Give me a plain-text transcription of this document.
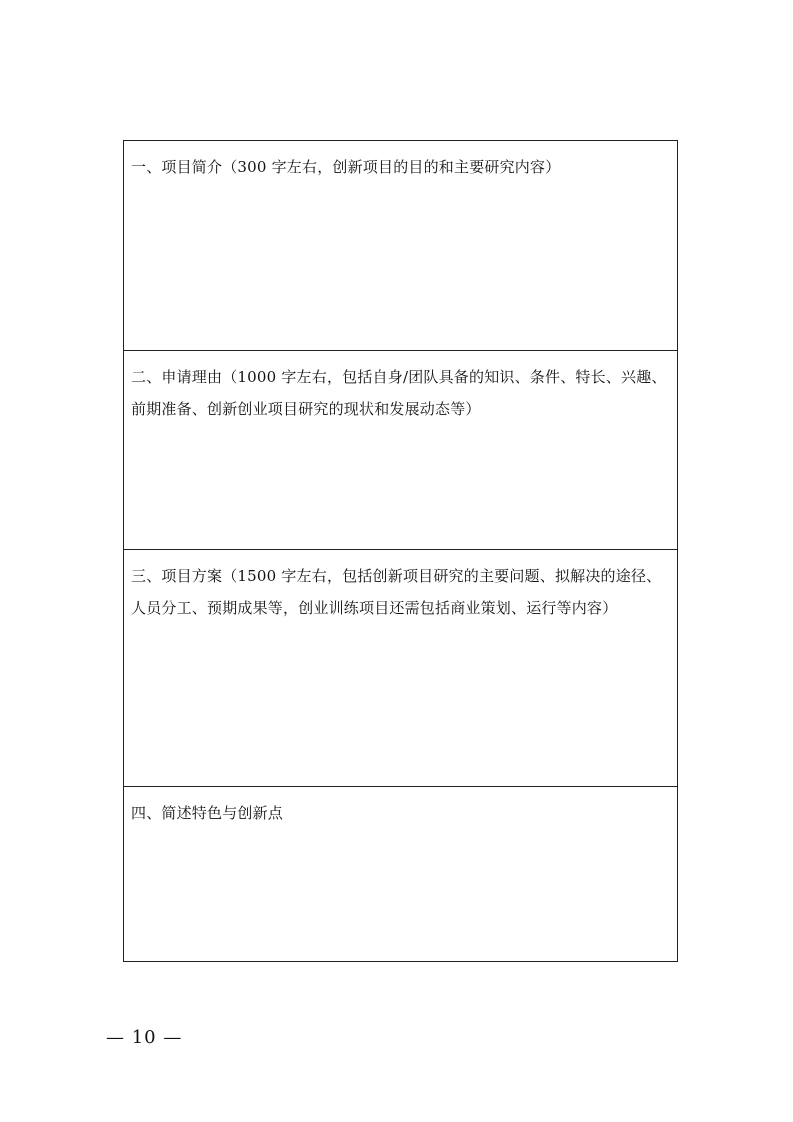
一、项目简介（300 字左右，创新项目的目的和主要研究内容）
二、申请理由（1000 字左右，包括自身/团队具备的知识、条件、特长、兴趣、前期准备、创新创业项目研究的现状和发展动态等）
三、项目方案（1500 字左右，包括创新项目研究的主要问题、拟解决的途径、人员分工、预期成果等，创业训练项目还需包括商业策划、运行等内容）
四、简述特色与创新点
— 10 —
